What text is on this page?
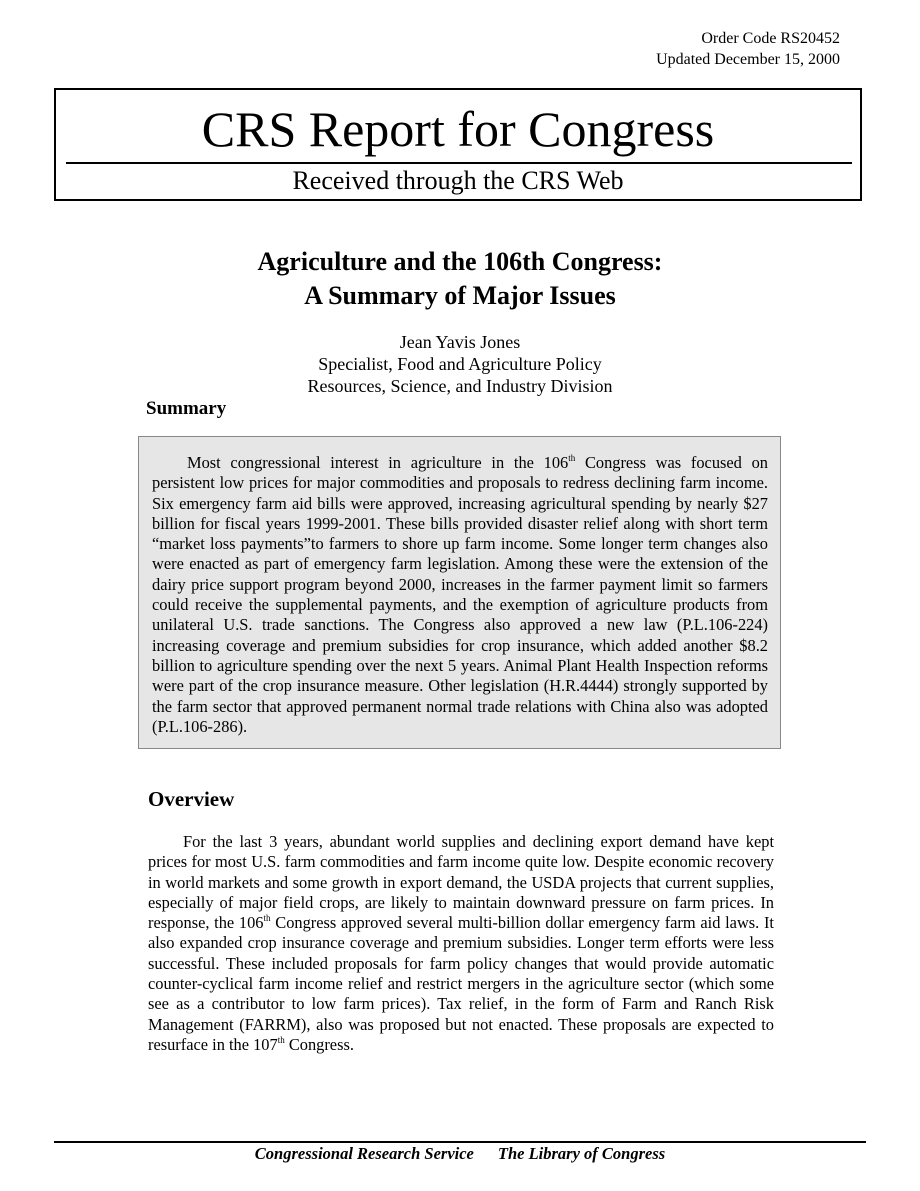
Order Code RS20452
Updated December 15, 2000
CRS Report for Congress
Received through the CRS Web
Agriculture and the 106th Congress:
A Summary of Major Issues
Jean Yavis Jones
Specialist, Food and Agriculture Policy
Resources, Science, and Industry Division
Summary

Most congressional interest in agriculture in the 106th Congress was focused on persistent low prices for major commodities and proposals to redress declining farm income. Six emergency farm aid bills were approved, increasing agricultural spending by nearly $27 billion for fiscal years 1999-2001. These bills provided disaster relief along with short term “market loss payments”to farmers to shore up farm income. Some longer term changes also were enacted as part of emergency farm legislation. Among these were the extension of the dairy price support program beyond 2000, increases in the farmer payment limit so farmers could receive the supplemental payments, and the exemption of agriculture products from unilateral U.S. trade sanctions. The Congress also approved a new law (P.L.106-224) increasing coverage and premium subsidies for crop insurance, which added another $8.2 billion to agriculture spending over the next 5 years. Animal Plant Health Inspection reforms were part of the crop insurance measure. Other legislation (H.R.4444) strongly supported by the farm sector that approved permanent normal trade relations with China also was adopted (P.L.106-286).

Overview

For the last 3 years, abundant world supplies and declining export demand have kept prices for most U.S. farm commodities and farm income quite low. Despite economic recovery in world markets and some growth in export demand, the USDA projects that current supplies, especially of major field crops, are likely to maintain downward pressure on farm prices. In response, the 106th Congress approved several multi-billion dollar emergency farm aid laws. It also expanded crop insurance coverage and premium subsidies. Longer term efforts were less successful. These included proposals for farm policy changes that would provide automatic counter-cyclical farm income relief and restrict mergers in the agriculture sector (which some see as a contributor to low farm prices). Tax relief, in the form of Farm and Ranch Risk Management (FARRM), also was proposed but not enacted. These proposals are expected to resurface in the 107th Congress.

Congressional Research Service The Library of Congress
